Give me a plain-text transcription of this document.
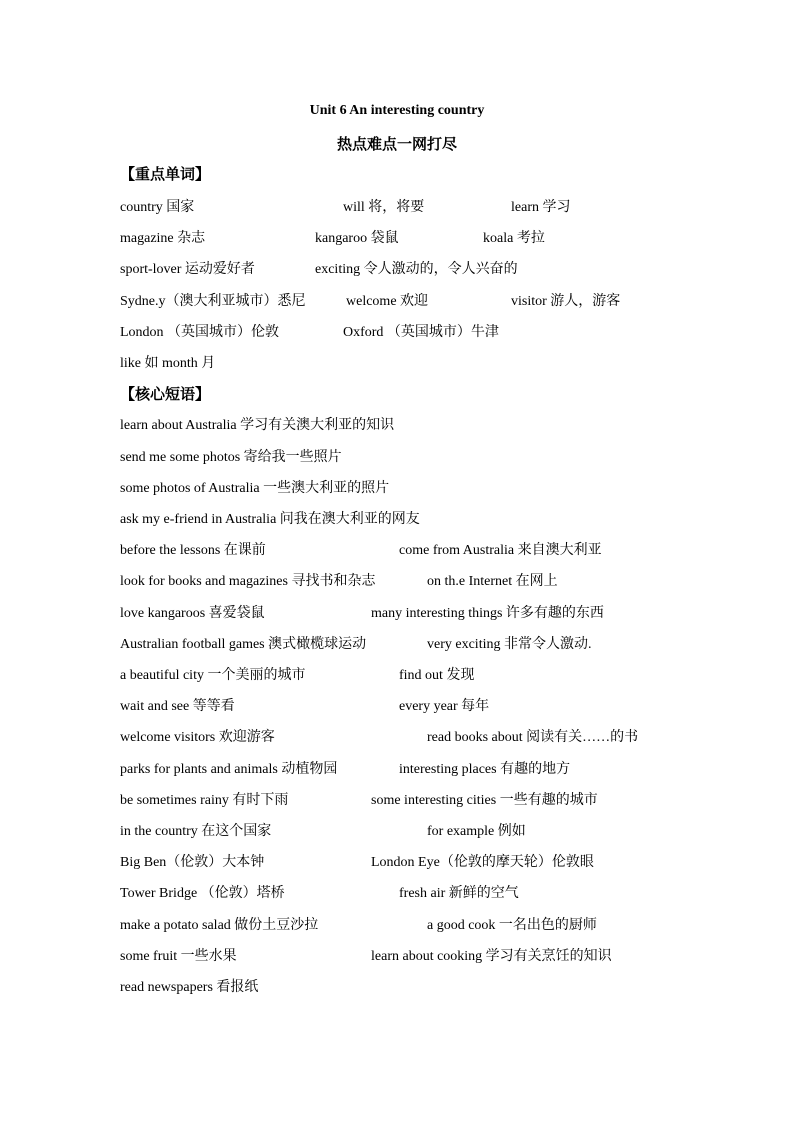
Unit 6 An interesting country
热点难点一网打尽
【重点单词】
country 国家	will 将，将要	learn 学习
magazine 杂志	kangaroo 袋鼠	koala 考拉
sport-lover 运动爱好者	exciting 令人激动的，令人兴奋的
Sydne.y（澳大利亚城市）悉尼	welcome 欢迎	visitor 游人，游客
London （英国城市）伦敦	Oxford （英国城市）牛津
like 如 month 月
【核心短语】
learn about Australia 学习有关澳大利亚的知识
send me some photos 寄给我一些照片
some photos of Australia 一些澳大利亚的照片
ask my e-friend in Australia 问我在澳大利亚的网友
before the lessons 在课前	come from Australia 来自澳大利亚
look for books and magazines 寻找书和杂志	on th.e Internet 在网上
love kangaroos 喜爱袋鼠	many interesting things 许多有趣的东西
Australian football games 澳式橄榄球运动	very exciting 非常令人激动.
a beautiful city 一个美丽的城市	find out 发现
wait and see 等等看	every year 每年
welcome visitors 欢迎游客	read books about 阅读有关……的书
parks for plants and animals 动植物园	interesting places 有趣的地方
be sometimes rainy 有时下雨	some interesting cities 一些有趣的城市
in the country 在这个国家	for example 例如
Big Ben（伦敦）大本钟	London Eye（伦敦的摩天轮）伦敦眼
Tower Bridge （伦敦）塔桥	fresh air 新鲜的空气
make a potato salad 做份土豆沙拉	a good cook 一名出色的厨师
some fruit 一些水果	learn about cooking 学习有关烹饪的知识
read newspapers 看报纸
